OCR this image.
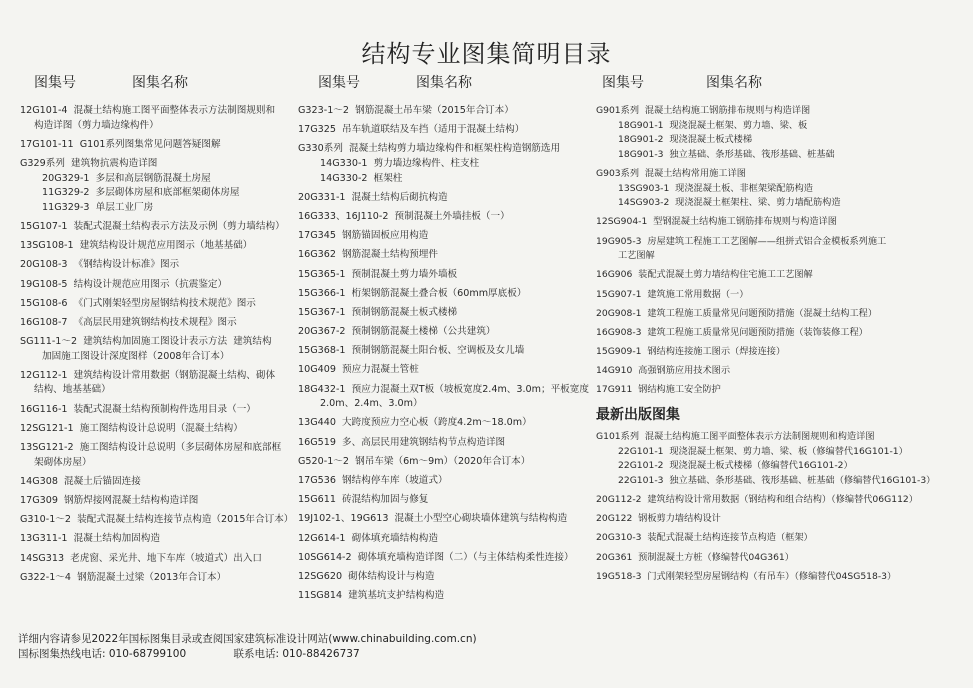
结构专业图集简明目录
图集号	图集名称
12G101-4  混凝土结构施工图平面整体表示方法制图规则和
构造详图（剪力墙边缘构件）
17G101-11  G101系列图集常见问题答疑图解
G329系列  建筑物抗震构造详图
20G329-1  多层和高层钢筋混凝土房屋
11G329-2  多层砌体房屋和底部框架砌体房屋
11G329-3  单层工业厂房
15G107-1  装配式混凝土结构表示方法及示例（剪力墙结构）
13SG108-1  建筑结构设计规范应用图示（地基基础）
20G108-3  《钢结构设计标准》图示
19G108-5  结构设计规范应用图示（抗震鉴定）
15G108-6  《门式刚架轻型房屋钢结构技术规范》图示
16G108-7  《高层民用建筑钢结构技术规程》图示
SG111-1～2  建筑结构加固施工图设计表示方法  建筑结构
加固施工图设计深度图样（2008年合订本）
12G112-1  建筑结构设计常用数据（钢筋混凝土结构、砌体
结构、地基基础）
16G116-1  装配式混凝土结构预制构件选用目录（一）
12SG121-1  施工图结构设计总说明（混凝土结构）
13SG121-2  施工图结构设计总说明（多层砌体房屋和底部框
架砌体房屋）
14G308  混凝土后锚固连接
17G309  钢筋焊接网混凝土结构构造详图
G310-1～2  装配式混凝土结构连接节点构造（2015年合订本）
13G311-1  混凝土结构加固构造
14SG313  老虎窗、采光井、地下车库（坡道式）出入口
G322-1～4  钢筋混凝土过梁（2013年合订本）
图集号	图集名称
G323-1～2  钢筋混凝土吊车梁（2015年合订本）
17G325  吊车轨道联结及车挡（适用于混凝土结构）
G330系列  混凝土结构剪力墙边缘构件和框架柱构造钢筋选用
14G330-1  剪力墙边缘构件、柱支柱
14G330-2  框架柱
20G331-1  混凝土结构后砌抗构造
16G333、16J110-2  预制混凝土外墙挂板（一）
17G345  钢筋锚固板应用构造
16G362  钢筋混凝土结构预埋件
15G365-1  预制混凝土剪力墙外墙板
15G366-1  桁架钢筋混凝土叠合板（60mm厚底板）
15G367-1  预制钢筋混凝土板式楼梯
20G367-2  预制钢筋混凝土楼梯（公共建筑）
15G368-1  预制钢筋混凝土阳台板、空调板及女儿墙
10G409  预应力混凝土管桩
18G432-1  预应力混凝土双T板（坡板宽度2.4m、3.0m；平板宽度
2.0m、2.4m、3.0m）
13G440  大跨度预应力空心板（跨度4.2m～18.0m）
16G519  多、高层民用建筑钢结构节点构造详图
G520-1～2  钢吊车梁（6m～9m）（2020年合订本）
17G536  钢结构停车库（坡道式）
15G611  砖混结构加固与修复
19J102-1、19G613  混凝土小型空心砌块墙体建筑与结构构造
12G614-1  砌体填充墙结构构造
10SG614-2  砌体填充墙构造详图（二）（与主体结构柔性连接）
12SG620  砌体结构设计与构造
11SG814  建筑基坑支护结构构造
图集号	图集名称
G901系列  混凝土结构施工钢筋排布规则与构造详图
18G901-1  现浇混凝土框架、剪力墙、梁、板
18G901-2  现浇混凝土板式楼梯
18G901-3  独立基础、条形基础、筏形基础、桩基础
G903系列  混凝土结构常用施工详图
13SG903-1  现浇混凝土板、非框架梁配筋构造
14SG903-2  现浇混凝土框架柱、梁、剪力墙配筋构造
12SG904-1  型钢混凝土结构施工钢筋排布规则与构造详图
19G905-3  房屋建筑工程施工工艺图解——组拼式铝合金模板系列施工
工艺图解
16G906  装配式混凝土剪力墙结构住宅施工工艺图解
15G907-1  建筑施工常用数据（一）
20G908-1  建筑工程施工质量常见问题预防措施（混凝土结构工程）
16G908-3  建筑工程施工质量常见问题预防措施（装饰装修工程）
15G909-1  钢结构连接施工图示（焊接连接）
14G910  高强钢筋应用技术图示
17G911  钢结构施工安全防护
最新出版图集
G101系列  混凝土结构施工图平面整体表示方法制图规则和构造详图
22G101-1  现浇混凝土框架、剪力墙、梁、板（修编替代16G101-1）
22G101-2  现浇混凝土板式楼梯（修编替代16G101-2）
22G101-3  独立基础、条形基础、筏形基础、桩基础（修编替代16G101-3）
20G112-2  建筑结构设计常用数据（钢结构和组合结构）（修编替代06G112）
20G122  钢板剪力墙结构设计
20G310-3  装配式混凝土结构连接节点构造（框架）
20G361  预制混凝土方桩（修编替代04G361）
19G518-3  门式刚架轻型房屋钢结构（有吊车）（修编替代04SG518-3）
详细内容请参见2022年国标图集目录或查阅国家建筑标准设计网站(www.chinabuilding.com.cn)
国标图集热线电话: 010-68799100	联系电话: 010-88426737
